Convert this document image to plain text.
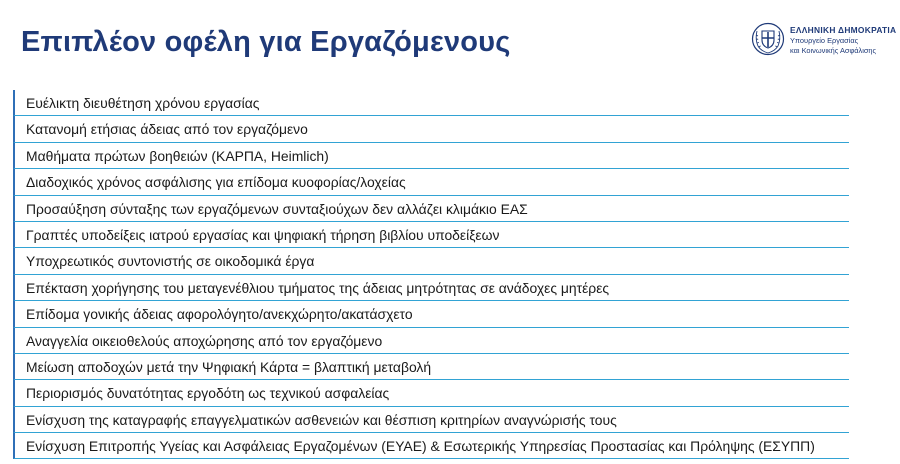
Επιπλέον οφέλη για Εργαζόμενους	ΕΛΛΗΝΙΚΗ ΔΗΜΟΚΡΑΤΙΑ
Υπουργείο Εργασίας
και Κοινωνικής Ασφάλισης
Ευέλικτη διευθέτηση χρόνου εργασίας
Κατανομή ετήσιας άδειας από τον εργαζόμενο
Μαθήματα πρώτων βοηθειών (ΚΑΡΠΑ, Heimlich)
Διαδοχικός χρόνος ασφάλισης για επίδομα κυοφορίας/λοχείας
Προσαύξηση σύνταξης των εργαζόμενων συνταξιούχων δεν αλλάζει κλιμάκιο ΕΑΣ
Γραπτές υποδείξεις ιατρού εργασίας και ψηφιακή τήρηση βιβλίου υποδείξεων
Υποχρεωτικός συντονιστής σε οικοδομικά έργα
Επέκταση χορήγησης του μεταγενέθλιου τμήματος της άδειας μητρότητας σε ανάδοχες μητέρες
Επίδομα γονικής άδειας αφορολόγητο/ανεκχώρητο/ακατάσχετο
Αναγγελία οικειοθελούς αποχώρησης από τον εργαζόμενο
Μείωση αποδοχών μετά την Ψηφιακή Κάρτα = βλαπτική μεταβολή
Περιορισμός δυνατότητας εργοδότη ως τεχνικού ασφαλείας
Ενίσχυση της καταγραφής επαγγελματικών ασθενειών και θέσπιση κριτηρίων αναγνώρισής τους
Ενίσχυση Επιτροπής Υγείας και Ασφάλειας Εργαζομένων (ΕΥΑΕ) & Εσωτερικής Υπηρεσίας Προστασίας και Πρόληψης (ΕΣΥΠΠ)
